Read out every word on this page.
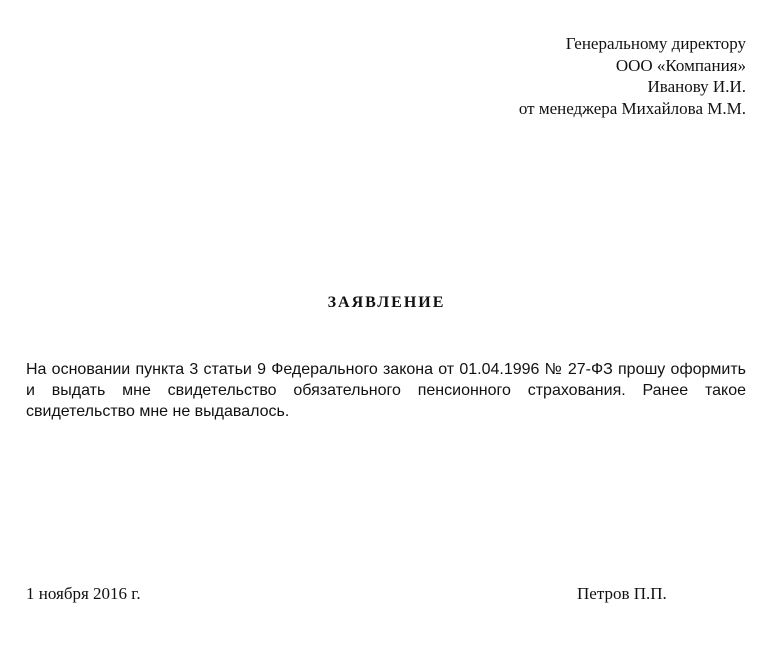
Генеральному директору
ООО «Компания»
Иванову И.И.
от менеджера Михайлова М.М.
ЗАЯВЛЕНИЕ
На основании пункта 3 статьи 9 Федерального закона от 01.04.1996 № 27-ФЗ прошу оформить и выдать мне свидетельство обязательного пенсионного страхования. Ранее такое свидетельство мне не выдавалось.
1 ноября 2016 г.	Петров П.П.
